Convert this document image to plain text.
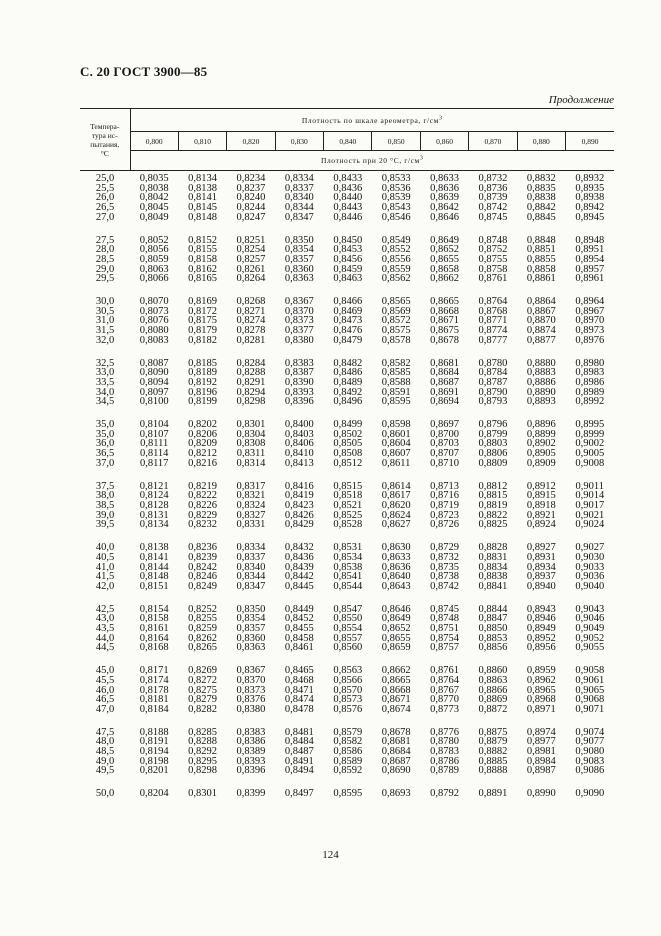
С. 20 ГОСТ 3900—85
Продолжение
Темпера-
тура ис-
пытания,
°C	Плотность по шкале ареометра, $г/см^3$
	0,800	0,810	0,820	0,830	0,840	0,850	0,860	0,870	0,880	0,890
	Плотность при 20 °C, $г/см^3$
25,0	0,8035	0,8134	0,8234	0,8334	0,8433	0,8533	0,8633	0,8732	0,8832	0,8932
25,5	0,8038	0,8138	0,8237	0,8337	0,8436	0,8536	0,8636	0,8736	0,8835	0,8935
26,0	0,8042	0,8141	0,8240	0,8340	0,8440	0,8539	0,8639	0,8739	0,8838	0,8938
26,5	0,8045	0,8145	0,8244	0,8344	0,8443	0,8543	0,8642	0,8742	0,8842	0,8942
27,0	0,8049	0,8148	0,8247	0,8347	0,8446	0,8546	0,8646	0,8745	0,8845	0,8945

27,5	0,8052	0,8152	0,8251	0,8350	0,8450	0,8549	0,8649	0,8748	0,8848	0,8948
28,0	0,8056	0,8155	0,8254	0,8354	0,8453	0,8552	0,8652	0,8752	0,8851	0,8951
28,5	0,8059	0,8158	0,8257	0,8357	0,8456	0,8556	0,8655	0,8755	0,8855	0,8954
29,0	0,8063	0,8162	0,8261	0,8360	0,8459	0,8559	0,8658	0,8758	0,8858	0,8957
29,5	0,8066	0,8165	0,8264	0,8363	0,8463	0,8562	0,8662	0,8761	0,8861	0,8961

30,0	0,8070	0,8169	0,8268	0,8367	0,8466	0,8565	0,8665	0,8764	0,8864	0,8964
30,5	0,8073	0,8172	0,8271	0,8370	0,8469	0,8569	0,8668	0,8768	0,8867	0,8967
31,0	0,8076	0,8175	0,8274	0,8373	0,8473	0,8572	0,8671	0,8771	0,8870	0,8970
31,5	0,8080	0,8179	0,8278	0,8377	0,8476	0,8575	0,8675	0,8774	0,8874	0,8973
32,0	0,8083	0,8182	0,8281	0,8380	0,8479	0,8578	0,8678	0,8777	0,8877	0,8976

32,5	0,8087	0,8185	0,8284	0,8383	0,8482	0,8582	0,8681	0,8780	0,8880	0,8980
33,0	0,8090	0,8189	0,8288	0,8387	0,8486	0,8585	0,8684	0,8784	0,8883	0,8983
33,5	0,8094	0,8192	0,8291	0,8390	0,8489	0,8588	0,8687	0,8787	0,8886	0,8986
34,0	0,8097	0,8196	0,8294	0,8393	0,8492	0,8591	0,8691	0,8790	0,8890	0,8989
34,5	0,8100	0,8199	0,8298	0,8396	0,8496	0,8595	0,8694	0,8793	0,8893	0,8992

35,0	0,8104	0,8202	0,8301	0,8400	0,8499	0,8598	0,8697	0,8796	0,8896	0,8995
35,0	0,8107	0,8206	0,8304	0,8403	0,8502	0,8601	0,8700	0,8799	0,8899	0,8999
36,0	0,8111	0,8209	0,8308	0,8406	0,8505	0,8604	0,8703	0,8803	0,8902	0,9002
36,5	0,8114	0,8212	0,8311	0,8410	0,8508	0,8607	0,8707	0,8806	0,8905	0,9005
37,0	0,8117	0,8216	0,8314	0,8413	0,8512	0,8611	0,8710	0,8809	0,8909	0,9008

37,5	0,8121	0,8219	0,8317	0,8416	0,8515	0,8614	0,8713	0,8812	0,8912	0,9011
38,0	0,8124	0,8222	0,8321	0,8419	0,8518	0,8617	0,8716	0,8815	0,8915	0,9014
38,5	0,8128	0,8226	0,8324	0,8423	0,8521	0,8620	0,8719	0,8819	0,8918	0,9017
39,0	0,8131	0,8229	0,8327	0,8426	0,8525	0,8624	0,8723	0,8822	0,8921	0,9021
39,5	0,8134	0,8232	0,8331	0,8429	0,8528	0,8627	0,8726	0,8825	0,8924	0,9024

40,0	0,8138	0,8236	0,8334	0,8432	0,8531	0,8630	0,8729	0,8828	0,8927	0,9027
40,5	0,8141	0,8239	0,8337	0,8436	0,8534	0,8633	0,8732	0,8831	0,8931	0,9030
41,0	0,8144	0,8242	0,8340	0,8439	0,8538	0,8636	0,8735	0,8834	0,8934	0,9033
41,5	0,8148	0,8246	0,8344	0,8442	0,8541	0,8640	0,8738	0,8838	0,8937	0,9036
42,0	0,8151	0,8249	0,8347	0,8445	0,8544	0,8643	0,8742	0,8841	0,8940	0,9040

42,5	0,8154	0,8252	0,8350	0,8449	0,8547	0,8646	0,8745	0,8844	0,8943	0,9043
43,0	0,8158	0,8255	0,8354	0,8452	0,8550	0,8649	0,8748	0,8847	0,8946	0,9046
43,5	0,8161	0,8259	0,8357	0,8455	0,8554	0,8652	0,8751	0,8850	0,8949	0,9049
44,0	0,8164	0,8262	0,8360	0,8458	0,8557	0,8655	0,8754	0,8853	0,8952	0,9052
44,5	0,8168	0,8265	0,8363	0,8461	0,8560	0,8659	0,8757	0,8856	0,8956	0,9055

45,0	0,8171	0,8269	0,8367	0,8465	0,8563	0,8662	0,8761	0,8860	0,8959	0,9058
45,5	0,8174	0,8272	0,8370	0,8468	0,8566	0,8665	0,8764	0,8863	0,8962	0,9061
46,0	0,8178	0,8275	0,8373	0,8471	0,8570	0,8668	0,8767	0,8866	0,8965	0,9065
46,5	0,8181	0,8279	0,8376	0,8474	0,8573	0,8671	0,8770	0,8869	0,8968	0,9068
47,0	0,8184	0,8282	0,8380	0,8478	0,8576	0,8674	0,8773	0,8872	0,8971	0,9071

47,5	0,8188	0,8285	0,8383	0,8481	0,8579	0,8678	0,8776	0,8875	0,8974	0,9074
48,0	0,8191	0,8288	0,8386	0,8484	0,8582	0,8681	0,8780	0,8879	0,8977	0,9077
48,5	0,8194	0,8292	0,8389	0,8487	0,8586	0,8684	0,8783	0,8882	0,8981	0,9080
49,0	0,8198	0,8295	0,8393	0,8491	0,8589	0,8687	0,8786	0,8885	0,8984	0,9083
49,5	0,8201	0,8298	0,8396	0,8494	0,8592	0,8690	0,8789	0,8888	0,8987	0,9086

50,0	0,8204	0,8301	0,8399	0,8497	0,8595	0,8693	0,8792	0,8891	0,8990	0,9090
124
